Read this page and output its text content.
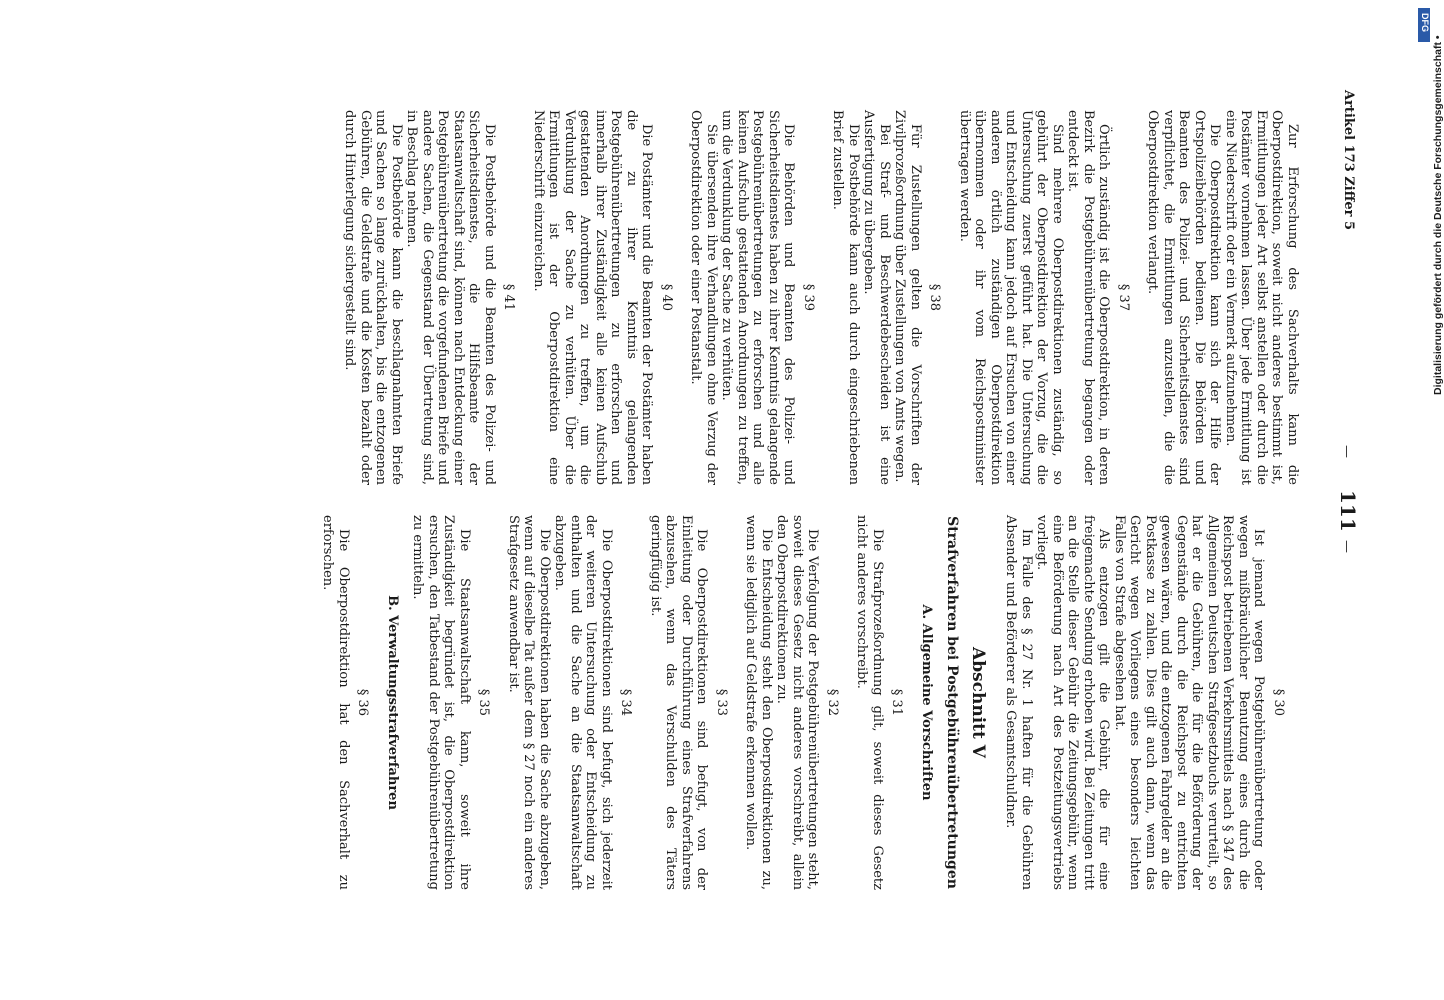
111
—
—
Artikel 173 Ziffer 5
§ 30

Ist jemand wegen Postgebührenübertretung oder wegen mißbräuchlicher Benutzung eines durch die Reichspost betriebenen Verkehrsmittels nach § 347 des Allgemeinen Deutschen Strafgesetzbuchs verurteilt, so hat er die Gebühren, die für die Beförderung der Gegenstände durch die Reichspost zu entrichten gewesen wären, und die entzogenen Fahrgelder an die Postkasse zu zahlen. Dies gilt auch dann, wenn das Gericht wegen Vorliegens eines besonders leichten Falles von Strafe abgesehen hat.

Als entzogen gilt die Gebühr, die für eine freigemachte Sendung erhoben wird. Bei Zeitungen tritt an die Stelle dieser Gebühr die Zeitungsgebühr, wenn eine Beförderung nach Art des Postzeitungsvertriebs vorliegt.

Im Falle des § 27 Nr. 1 haften für die Gebühren Absender und Beförderer als Gesamtschuldner.

Abschnitt V
Strafverfahren bei Postgebührenübertretungen
A. Allgemeine Vorschriften
§ 31

Die Strafprozeßordnung gilt, soweit dieses Gesetz nicht anderes vorschreibt.

§ 32

Die Verfolgung der Postgebührenübertretungen steht, soweit dieses Gesetz nicht anderes vorschreibt, allein den Oberpostdirektionen zu.

Die Entscheidung steht den Oberpostdirektionen zu, wenn sie lediglich auf Geldstrafe erkennen wollen.

§ 33

Die Oberpostdirektionen sind befugt, von der Einleitung oder Durchführung eines Strafverfahrens abzusehen, wenn das Verschulden des Täters geringfügig ist.

§ 34

Die Oberpostdirektionen sind befugt, sich jederzeit der weiteren Untersuchung oder Entscheidung zu enthalten und die Sache an die Staatsanwaltschaft abzugeben.

Die Oberpostdirektionen haben die Sache abzugeben, wenn auf dieselbe Tat außer dem § 27 noch ein anderes Strafgesetz anwendbar ist.

§ 35

Die Staatsanwaltschaft kann, soweit ihre Zuständigkeit begründet ist, die Oberpostdirektion ersuchen, den Tatbestand der Postgebührenübertretung zu ermitteln.

B. Verwaltungsstrafverfahren
§ 36

Die Oberpostdirektion hat den Sachverhalt zu erforschen.

Zur Erforschung des Sachverhalts kann die Oberpostdirektion, soweit nicht anderes bestimmt ist, Ermittlungen jeder Art selbst anstellen oder durch die Postämter vornehmen lassen. Über jede Ermittlung ist eine Niederschrift oder ein Vermerk aufzunehmen.

Die Oberpostdirektion kann sich der Hilfe der Ortspolizeibehörden bedienen. Die Behörden und Beamten des Polizei- und Sicherheitsdienstes sind verpflichtet, die Ermittlungen anzustellen, die die Oberpostdirektion verlangt.

§ 37

Örtlich zuständig ist die Oberpostdirektion, in deren Bezirk die Postgebührenübertretung begangen oder entdeckt ist.

Sind mehrere Oberpostdirektionen zuständig, so gebührt der Oberpostdirektion der Vorzug, die die Untersuchung zuerst geführt hat. Die Untersuchung und Entscheidung kann jedoch auf Ersuchen von einer anderen örtlich zuständigen Oberpostdirektion übernommen oder ihr vom Reichspostminister übertragen werden.

§ 38

Für Zustellungen gelten die Vorschriften der Zivilprozeßordnung über Zustellungen von Amts wegen.

Bei Straf- und Beschwerdebescheiden ist eine Ausfertigung zu übergeben.

Die Postbehörde kann auch durch eingeschriebenen Brief zustellen.

§ 39

Die Behörden und Beamten des Polizei- und Sicherheitsdienstes haben zu ihrer Kenntnis gelangende Postgebührenübertretungen zu erforschen und alle keinen Aufschub gestattenden Anordnungen zu treffen, um die Verdunklung der Sache zu verhüten.

Sie übersenden ihre Verhandlungen ohne Verzug der Oberpostdirektion oder einer Postanstalt.

§ 40

Die Postämter und die Beamten der Postämter haben die zu ihrer Kenntnis gelangenden Postgebührenübertretungen zu erforschen und innerhalb ihrer Zuständigkeit alle keinen Aufschub gestattenden Anordnungen zu treffen, um die Verdunklung der Sache zu verhüten. Über die Ermittlungen ist der Oberpostdirektion eine Niederschrift einzureichen.

§ 41

Die Postbehörde und die Beamten des Polizei- und Sicherheitsdienstes, die Hilfsbeamte der Staatsanwaltschaft sind, können nach Entdeckung einer Postgebührenübertretung die vorgefundenen Briefe und andere Sachen, die Gegenstand der Übertretung sind, in Beschlag nehmen.

Die Postbehörde kann die beschlagnahmten Briefe und Sachen so lange zurückhalten, bis die entzogenen Gebühren, die Geldstrafe und die Kosten bezahlt oder durch Hinterlegung sichergestellt sind.

DFG
Digitalisierung gefördert durch die Deutsche Forschungsgemeinschaft •
